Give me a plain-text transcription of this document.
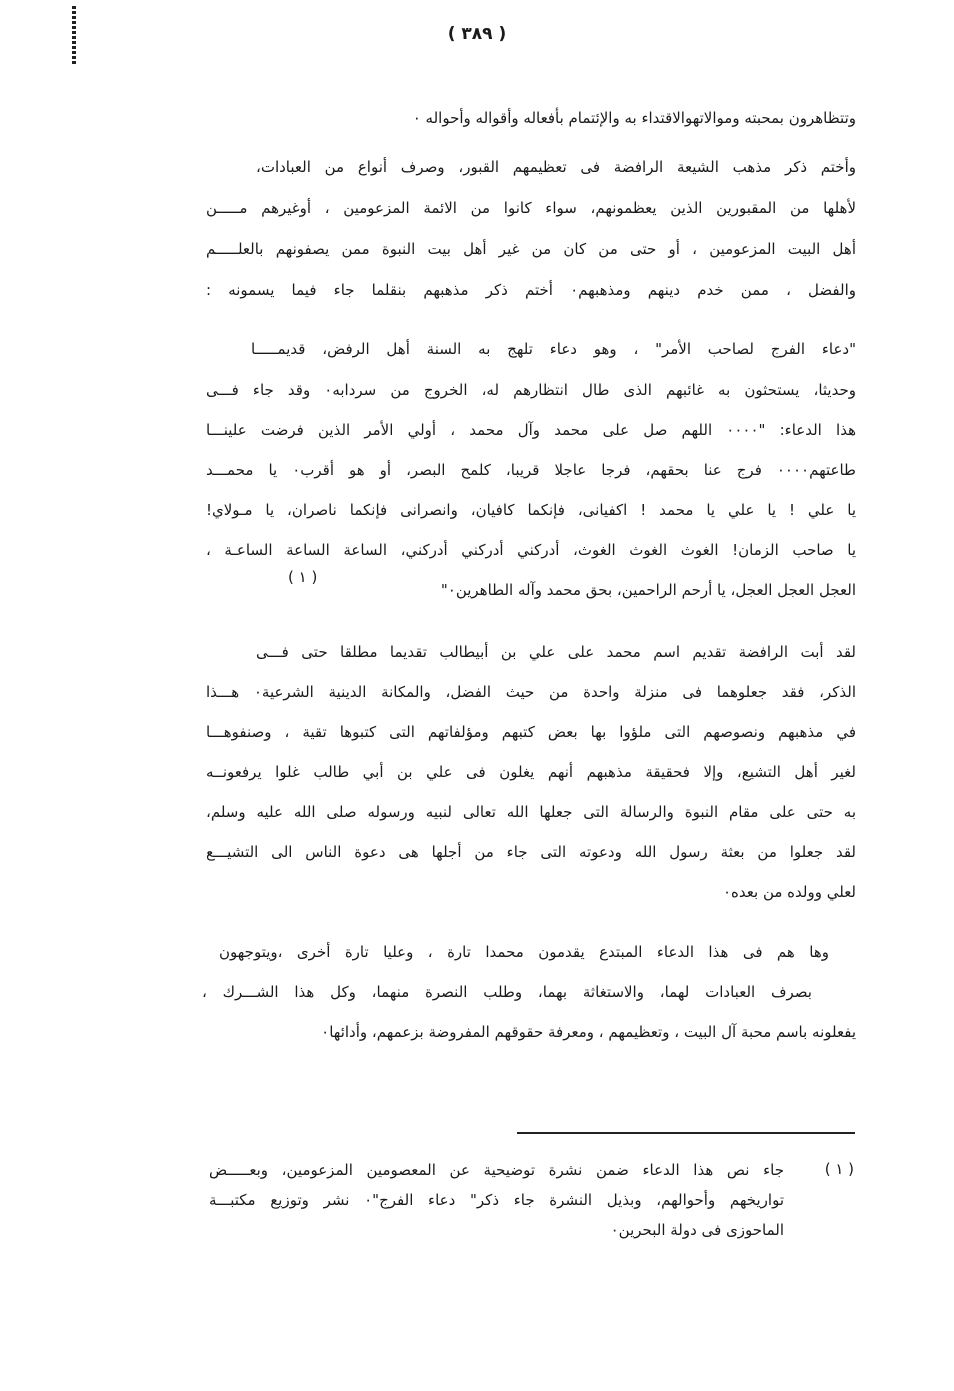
( ٣٨٩ )
وتتظاهرون بمحبته وموالاتهوالاقتداء به والإئتمام بأفعاله وأقواله وأحواله ٠
وأختم ذكر مذهب الشيعة الرافضة فى تعظيمهم القبور، وصرف أنواع من العبادات،
لأهلها من المقبورين الذين يعظمونهم، سواء كانوا من الائمة المزعومين ، أوغيرهم مـــــن
أهل البيت المزعومين ، أو حتى من كان من غير أهل بيت النبوة ممن يصفونهم بالعلـــــم
والفضل ، ممن خدم دينهم ومذهبهم٠ أختم ذكر مذهبهم بنقلما جاء فيما يسمونه :
"دعاء الفرج لصاحب الأمر" ، وهو دعاء تلهج به السنة أهل الرفض، قديمـــــا
وحديثا، يستحثون به غائبهم الذى طال انتظارهم له، الخروج من سردابه٠ وقد جاء فـــى
هذا الدعاء: "٠٠٠٠ اللهم صل على محمد وآل محمد ، أولي الأمر الذين فرضت علينـــا
طاعتهم٠٠٠٠ فرج عنا بحقهم، فرجا عاجلا قريبا، كلمح البصر، أو هو أقرب٠ يا محمـــد
يا علي ! يا علي يا محمد ! اكفيانى، فإنكما كافيان، وانصرانى فإنكما ناصران، يا مـولاي!
يا صاحب الزمان! الغوث الغوث الغوث، أدركني أدركني أدركني، الساعة الساعة الساعـة ،
العجل العجل العجل، يا أرحم الراحمين، بحق محمد وآله الطاهرين٠"
( ١ )
لقد أبت الرافضة تقديم اسم محمد على علي بن أبيطالب تقديما مطلقا حتى فـــى
الذكر، فقد جعلوهما فى منزلة واحدة من حيث الفضل، والمكانة الدينية الشرعية٠ هـــذا
في مذهبهم ونصوصهم التى ملؤوا بها بعض كتبهم ومؤلفاتهم التى كتبوها تقية ، وصنفوهـــا
لغير أهل التشيع، وإلا فحقيقة مذهبهم أنهم يغلون فى علي بن أبي طالب غلوا يرفعونــه
به حتى على مقام النبوة والرسالة التى جعلها الله تعالى لنبيه ورسوله صلى الله عليه وسلم،
لقد جعلوا من بعثة رسول الله ودعوته التى جاء من أجلها هى دعوة الناس الى التشيـــع
لعلي وولده من بعده٠
وها هم فى هذا الدعاء المبتدع يقدمون محمدا تارة ، وعليا تارة أخرى ،ويتوجهون
بصرف العبادات لهما، والاستغاثة بهما، وطلب النصرة منهما، وكل هذا الشـــرك ،
يفعلونه باسم محبة آل البيت ، وتعظيمهم ، ومعرفة حقوقهم المفروضة بزعمهم، وأدائها٠
( ١ )
جاء نص هذا الدعاء ضمن نشرة توضيحية عن المعصومين المزعومين، وبعـــــض
تواريخهم وأحوالهم، وبذيل النشرة جاء ذكر" دعاء الفرج"٠ نشر وتوزيع مكتبـــة
الماحوزى فى دولة البحرين٠
